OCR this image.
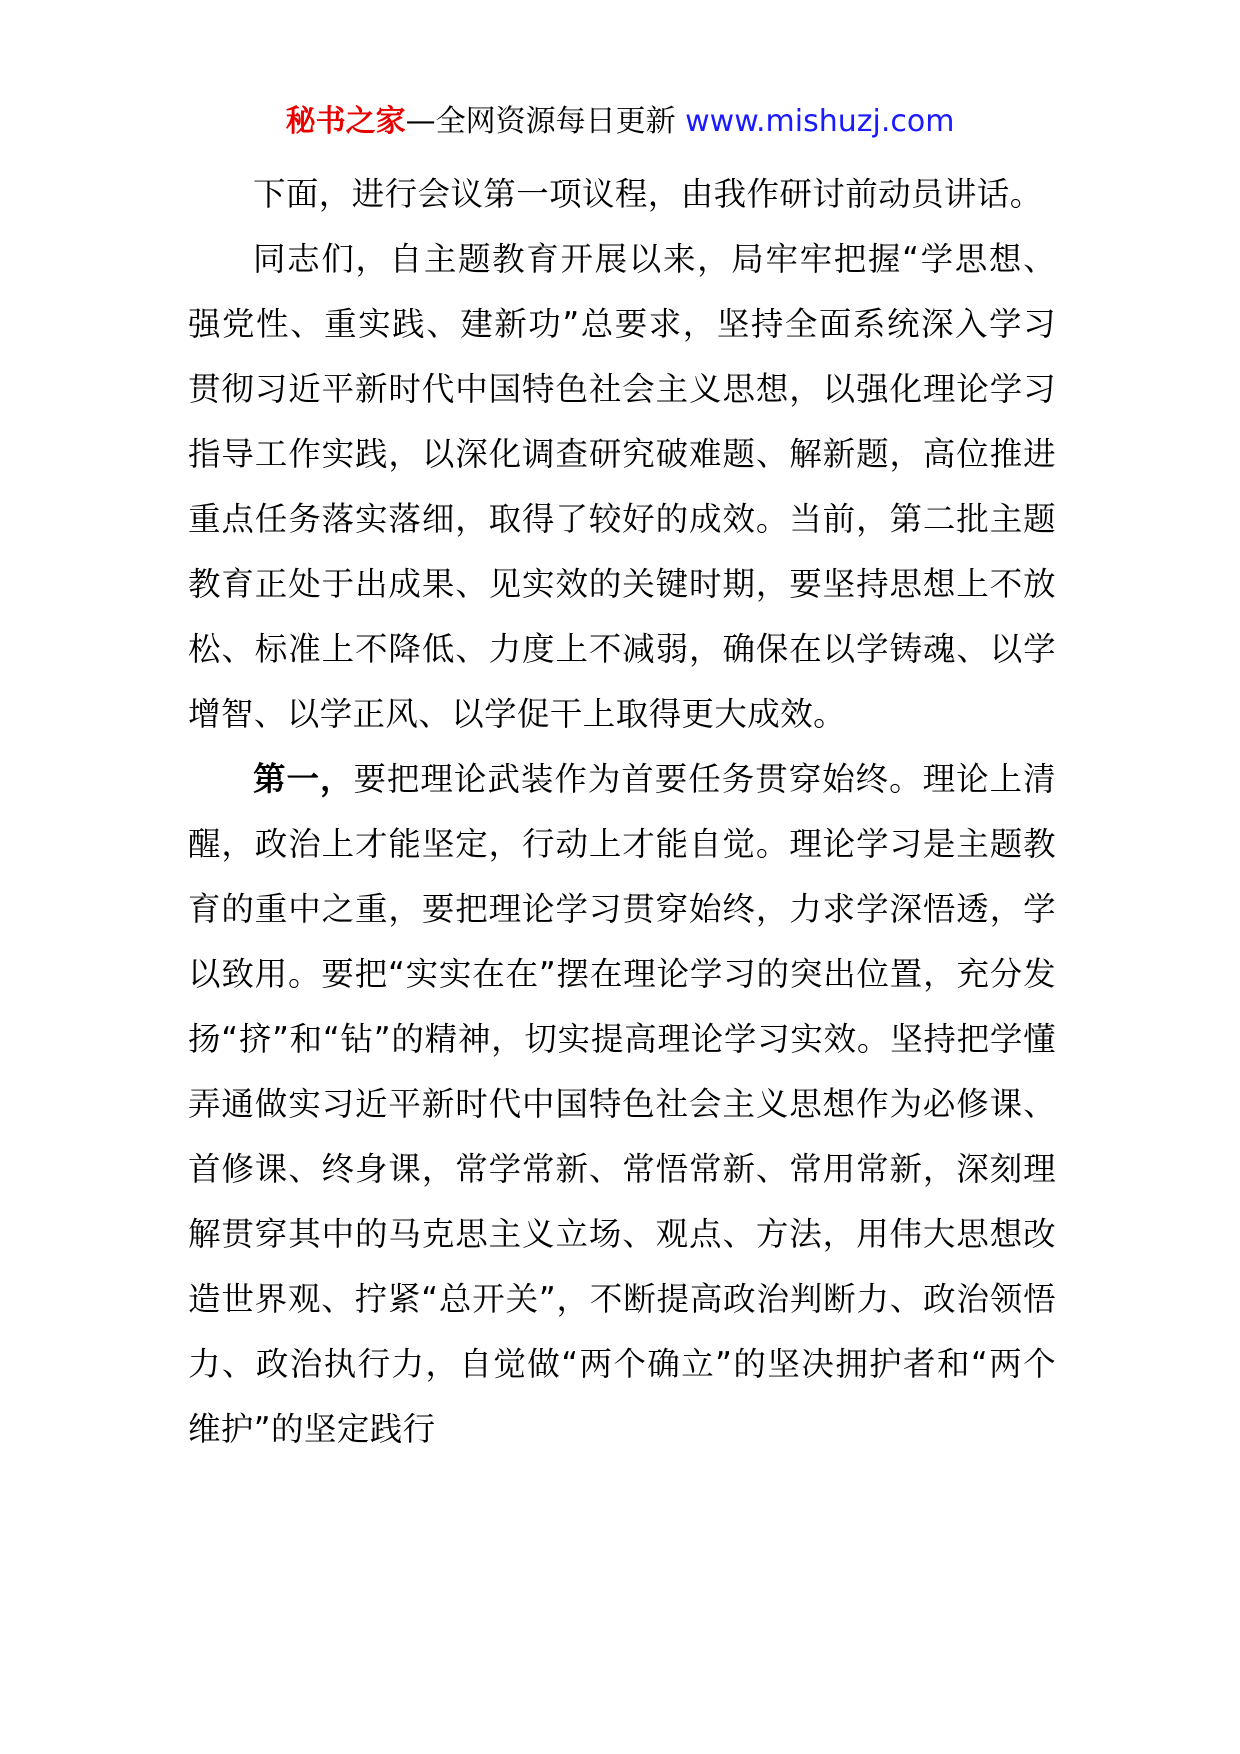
秘书之家—全网资源每日更新 www.mishuzj.com

下面，进行会议第一项议程，由我作研讨前动员讲话。

同志们，自主题教育开展以来，局牢牢把握“学思想、强党性、重实践、建新功”总要求，坚持全面系统深入学习贯彻习近平新时代中国特色社会主义思想，以强化理论学习指导工作实践，以深化调查研究破难题、解新题，高位推进重点任务落实落细，取得了较好的成效。当前，第二批主题教育正处于出成果、见实效的关键时期，要坚持思想上不放松、标准上不降低、力度上不减弱，确保在以学铸魂、以学增智、以学正风、以学促干上取得更大成效。

第一，要把理论武装作为首要任务贯穿始终。理论上清醒，政治上才能坚定，行动上才能自觉。理论学习是主题教育的重中之重，要把理论学习贯穿始终，力求学深悟透，学以致用。要把“实实在在”摆在理论学习的突出位置，充分发扬“挤”和“钻”的精神，切实提高理论学习实效。坚持把学懂弄通做实习近平新时代中国特色社会主义思想作为必修课、首修课、终身课，常学常新、常悟常新、常用常新，深刻理解贯穿其中的马克思主义立场、观点、方法，用伟大思想改造世界观、拧紧“总开关”，不断提高政治判断力、政治领悟力、政治执行力，自觉做“两个确立”的坚决拥护者和“两个维护”的坚定践行
